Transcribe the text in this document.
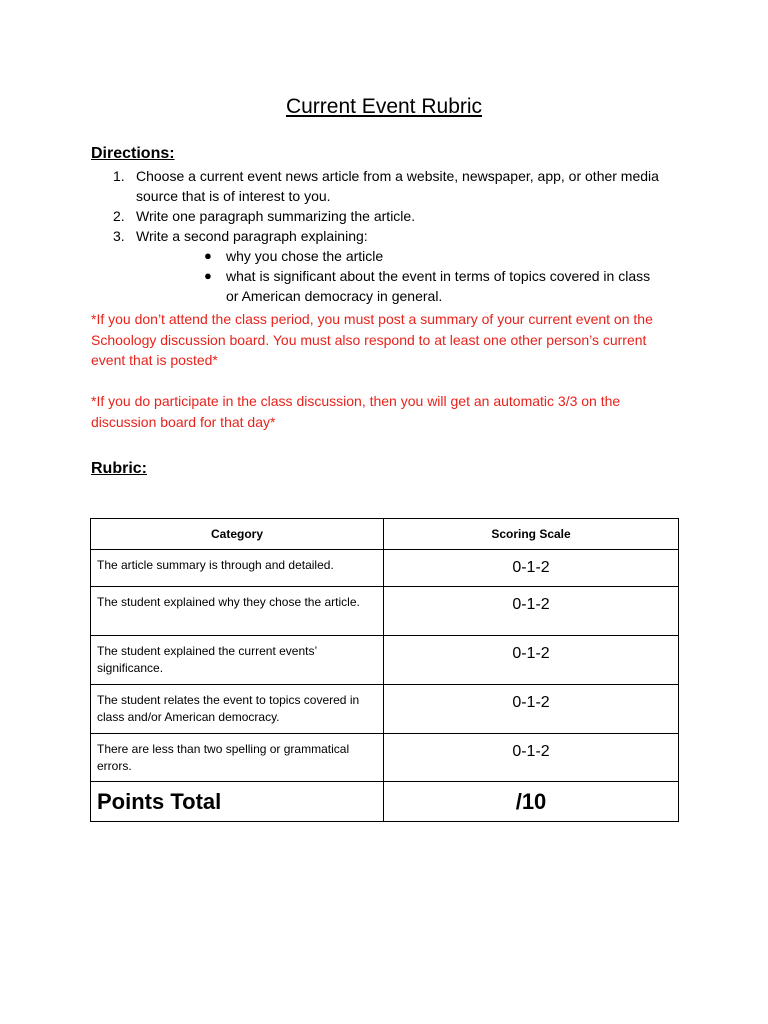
Current Event Rubric
Directions:
1. Choose a current event news article from a website, newspaper, app, or other media source that is of interest to you.
2. Write one paragraph summarizing the article.
3. Write a second paragraph explaining:
● why you chose the article
● what is significant about the event in terms of topics covered in class or American democracy in general.
*If you don’t attend the class period, you must post a summary of your current event on the Schoology discussion board. You must also respond to at least one other person’s current event that is posted*
*If you do participate in the class discussion, then you will get an automatic 3/3 on the discussion board for that day*
Rubric:
Category	Scoring Scale
The article summary is through and detailed.	0-1-2
The student explained why they chose the article.	0-1-2
The student explained the current events’ significance.	0-1-2
The student relates the event to topics covered in class and/or American democracy.	0-1-2
There are less than two spelling or grammatical errors.	0-1-2
Points Total	/10
